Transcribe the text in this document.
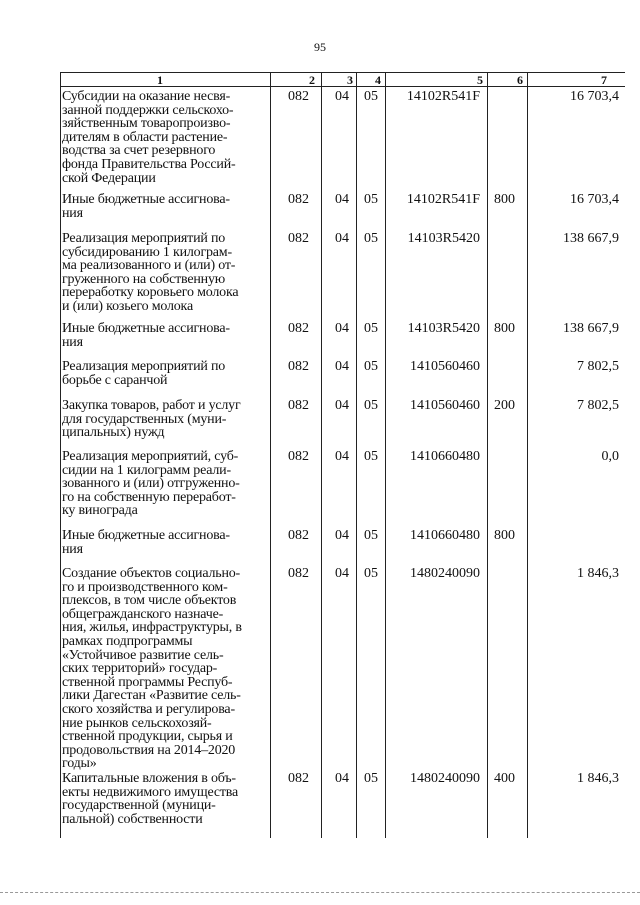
95
1	2	3	4	5	6	7
Субсидии на оказание несвя-
занной поддержки сельскохо-
зяйственным товаропроизво-
дителям в области растение-
водства за счет резервного
фонда Правительства Россий-
ской Федерации
082 04 05	14102R541F	16 703,4
Иные бюджетные ассигнова-
ния
082 04 05	14102R541F 800	16 703,4
Реализация мероприятий по
субсидированию 1 килограм-
ма реализованного и (или) от-
груженного на собственную
переработку коровьего молока
и (или) козьего молока
082 04 05	14103R5420	138 667,9
Иные бюджетные ассигнова-
ния
082 04 05	14103R5420 800	138 667,9
Реализация мероприятий по
борьбе с саранчой
082 04 05	1410560460	7 802,5
Закупка товаров, работ и услуг
для государственных (муни-
ципальных) нужд
082 04 05	1410560460 200	7 802,5
Реализация мероприятий, суб-
сидии на 1 килограмм реали-
зованного и (или) отгруженно-
го на собственную переработ-
ку винограда
082 04 05	1410660480	0,0
Иные бюджетные ассигнова-
ния
082 04 05	1410660480 800
Создание объектов социально-
го и производственного ком-
плексов, в том числе объектов
общегражданского назначе-
ния, жилья, инфраструктуры, в
рамках подпрограммы
«Устойчивое развитие сель-
ских территорий» государ-
ственной программы Респуб-
лики Дагестан «Развитие сель-
ского хозяйства и регулирова-
ние рынков сельскохозяй-
ственной продукции, сырья и
продовольствия на 2014–2020
годы»
082 04 05	1480240090	1 846,3
Капитальные вложения в объ-
екты недвижимого имущества
государственной (муници-
пальной) собственности
082 04 05	1480240090 400	1 846,3
